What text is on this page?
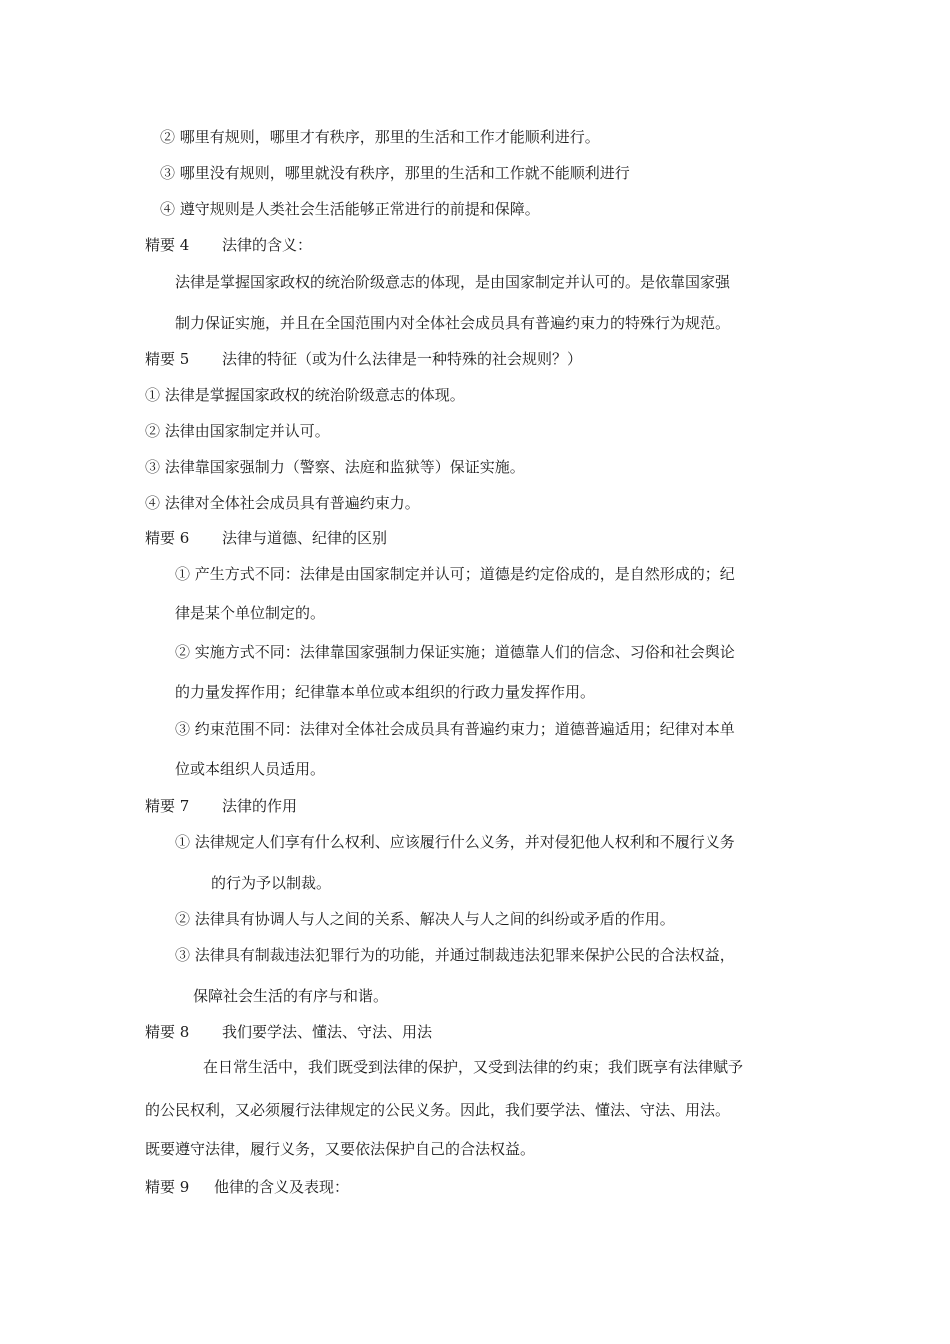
② 哪里有规则，哪里才有秩序，那里的生活和工作才能顺利进行。
③ 哪里没有规则，哪里就没有秩序，那里的生活和工作就不能顺利进行
④ 遵守规则是人类社会生活能够正常进行的前提和保障。
精要 4 法律的含义：
法律是掌握国家政权的统治阶级意志的体现，是由国家制定并认可的。是依靠国家强
制力保证实施，并且在全国范围内对全体社会成员具有普遍约束力的特殊行为规范。
精要 5 法律的特征（或为什么法律是一种特殊的社会规则？）
① 法律是掌握国家政权的统治阶级意志的体现。
② 法律由国家制定并认可。
③ 法律靠国家强制力（警察、法庭和监狱等）保证实施。
④ 法律对全体社会成员具有普遍约束力。
精要 6 法律与道德、纪律的区别
① 产生方式不同：法律是由国家制定并认可；道德是约定俗成的，是自然形成的；纪
律是某个单位制定的。
② 实施方式不同：法律靠国家强制力保证实施；道德靠人们的信念、习俗和社会舆论
的力量发挥作用；纪律靠本单位或本组织的行政力量发挥作用。
③ 约束范围不同：法律对全体社会成员具有普遍约束力；道德普遍适用；纪律对本单
位或本组织人员适用。
精要 7 法律的作用
① 法律规定人们享有什么权利、应该履行什么义务，并对侵犯他人权利和不履行义务
的行为予以制裁。
② 法律具有协调人与人之间的关系、解决人与人之间的纠纷或矛盾的作用。
③ 法律具有制裁违法犯罪行为的功能，并通过制裁违法犯罪来保护公民的合法权益，
保障社会生活的有序与和谐。
精要 8 我们要学法、懂法、守法、用法
在日常生活中，我们既受到法律的保护，又受到法律的约束；我们既享有法律赋予
的公民权利，又必须履行法律规定的公民义务。因此，我们要学法、懂法、守法、用法。
既要遵守法律，履行义务，又要依法保护自己的合法权益。
精要 9 他律的含义及表现：
